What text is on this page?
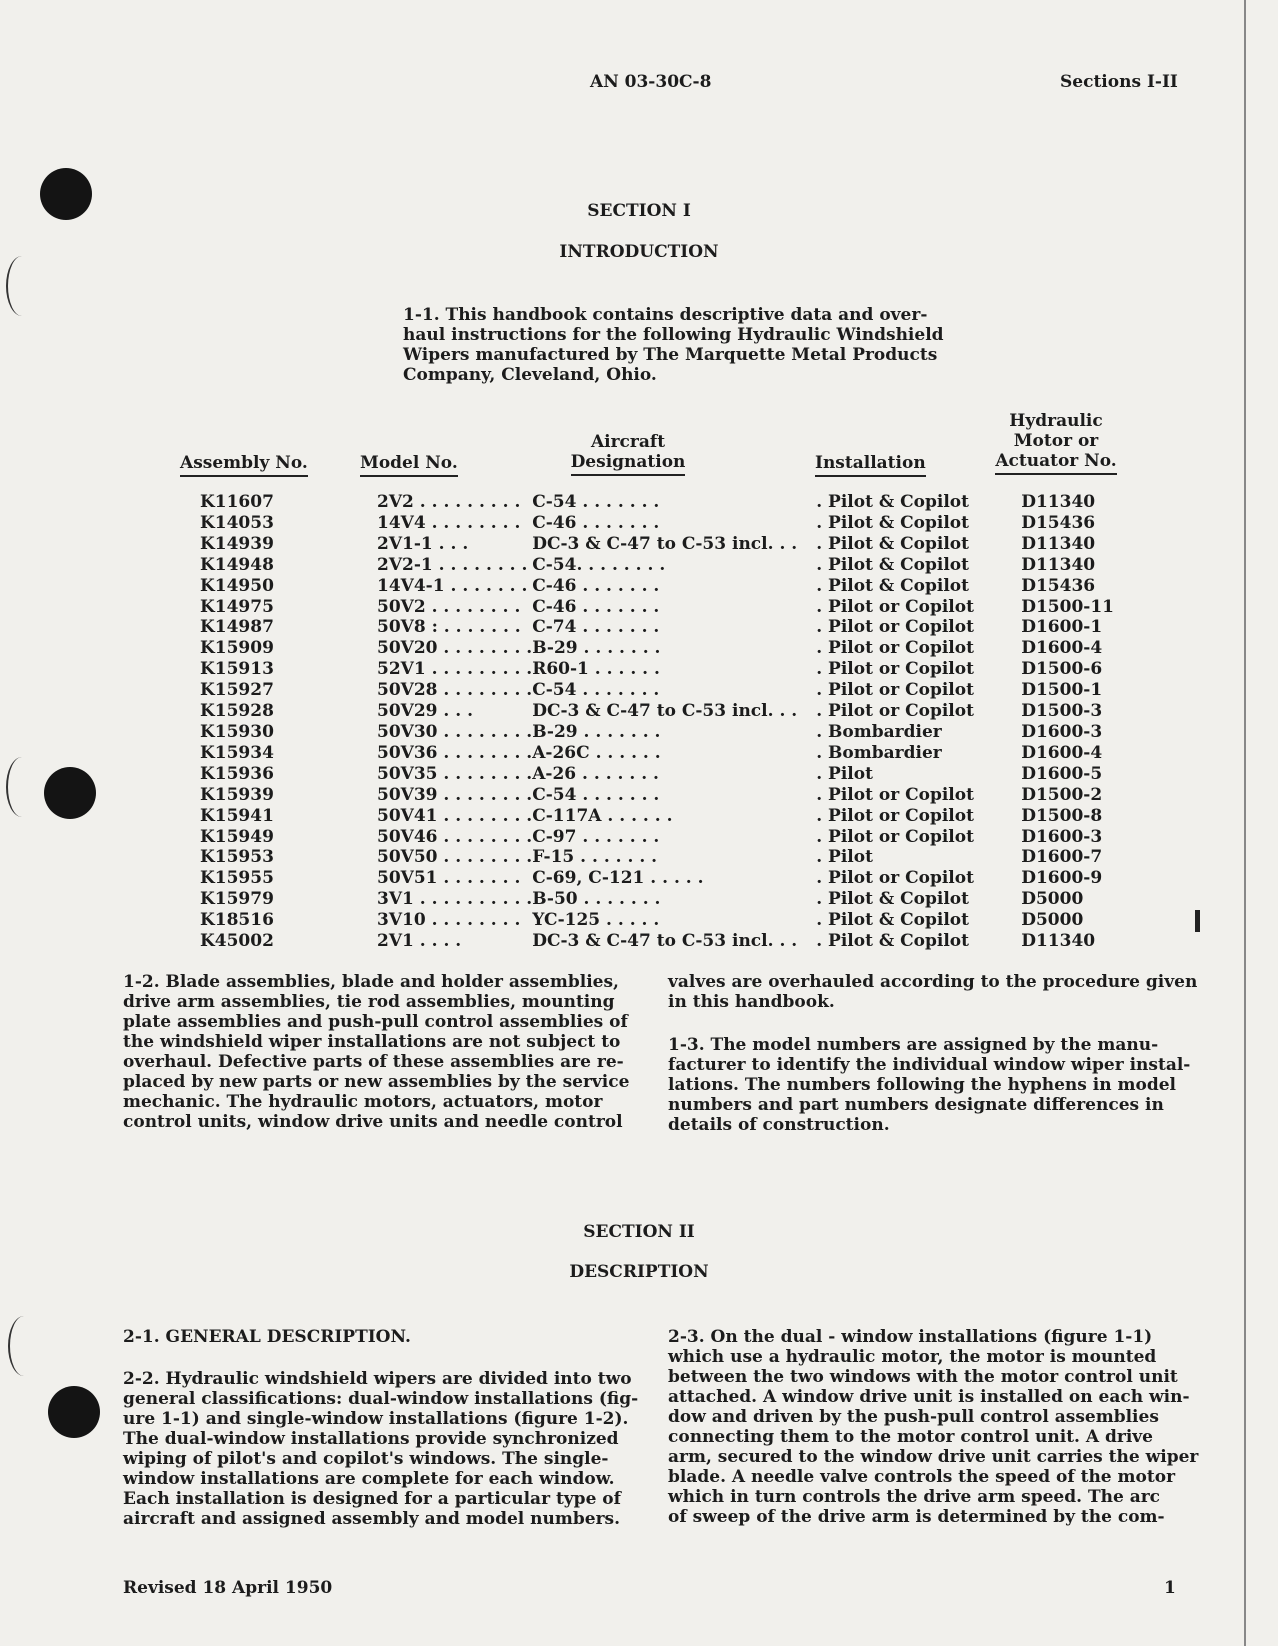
AN 03-30C-8	Sections I-II
SECTION I
INTRODUCTION
1-1. This handbook contains descriptive data and over-
haul instructions for the following Hydraulic Windshield
Wipers manufactured by The Marquette Metal Products
Company, Cleveland, Ohio.
Assembly No.	Model No.
Aircraft
Designation	Installation
Hydraulic
Motor or
Actuator No.
K11607	2V2 . . . . . . . . .	C-54 . . . . . . .	. Pilot & Copilot	D11340
K14053	14V4 . . . . . . . .	C-46 . . . . . . .	. Pilot & Copilot	D15436
K14939	2V1-1 . . .	DC-3 & C-47 to C-53 incl. . .	. Pilot & Copilot	D11340
K14948	2V2-1 . . . . . . . .	C-54. . . . . . . .	. Pilot & Copilot	D11340
K14950	14V4-1 . . . . . . .	C-46 . . . . . . .	. Pilot & Copilot	D15436
K14975	50V2 . . . . . . . .	C-46 . . . . . . .	. Pilot or Copilot	D1500-11
K14987	50V8 : . . . . . . .	C-74 . . . . . . .	. Pilot or Copilot	D1600-1
K15909	50V20 . . . . . . . .	B-29 . . . . . . .	. Pilot or Copilot	D1600-4
K15913	52V1 . . . . . . . . .	R60-1 . . . . . .	. Pilot or Copilot	D1500-6
K15927	50V28 . . . . . . . .	C-54 . . . . . . .	. Pilot or Copilot	D1500-1
K15928	50V29 . . .	DC-3 & C-47 to C-53 incl. . .	. Pilot or Copilot	D1500-3
K15930	50V30 . . . . . . . .	B-29 . . . . . . .	. Bombardier	D1600-3
K15934	50V36 . . . . . . . .	A-26C . . . . . .	. Bombardier	D1600-4
K15936	50V35 . . . . . . . .	A-26 . . . . . . .	. Pilot	D1600-5
K15939	50V39 . . . . . . . .	C-54 . . . . . . .	. Pilot or Copilot	D1500-2
K15941	50V41 . . . . . . . .	C-117A . . . . . .	. Pilot or Copilot	D1500-8
K15949	50V46 . . . . . . . .	C-97 . . . . . . .	. Pilot or Copilot	D1600-3
K15953	50V50 . . . . . . . .	F-15 . . . . . . .	. Pilot	D1600-7
K15955	50V51 . . . . . . .	C-69, C-121 . . . . .	. Pilot or Copilot	D1600-9
K15979	3V1 . . . . . . . . . .	B-50 . . . . . . .	. Pilot & Copilot	D5000
K18516	3V10 . . . . . . . .	YC-125 . . . . .	. Pilot & Copilot	D5000
K45002	2V1 . . . .	DC-3 & C-47 to C-53 incl. . .	. Pilot & Copilot	D11340
1-2. Blade assemblies, blade and holder assemblies,
drive arm assemblies, tie rod assemblies, mounting
plate assemblies and push-pull control assemblies of
the windshield wiper installations are not subject to
overhaul. Defective parts of these assemblies are re-
placed by new parts or new assemblies by the service
mechanic. The hydraulic motors, actuators, motor
control units, window drive units and needle control
valves are overhauled according to the procedure given
in this handbook.
1-3. The model numbers are assigned by the manu-
facturer to identify the individual window wiper instal-
lations. The numbers following the hyphens in model
numbers and part numbers designate differences in
details of construction.
SECTION II
DESCRIPTION
2-1. GENERAL DESCRIPTION.
2-2. Hydraulic windshield wipers are divided into two
general classifications: dual-window installations (fig-
ure 1-1) and single-window installations (figure 1-2).
The dual-window installations provide synchronized
wiping of pilot's and copilot's windows. The single-
window installations are complete for each window.
Each installation is designed for a particular type of
aircraft and assigned assembly and model numbers.
2-3. On the dual - window installations (figure 1-1)
which use a hydraulic motor, the motor is mounted
between the two windows with the motor control unit
attached. A window drive unit is installed on each win-
dow and driven by the push-pull control assemblies
connecting them to the motor control unit. A drive
arm, secured to the window drive unit carries the wiper
blade. A needle valve controls the speed of the motor
which in turn controls the drive arm speed. The arc
of sweep of the drive arm is determined by the com-
Revised 18 April 1950	1
